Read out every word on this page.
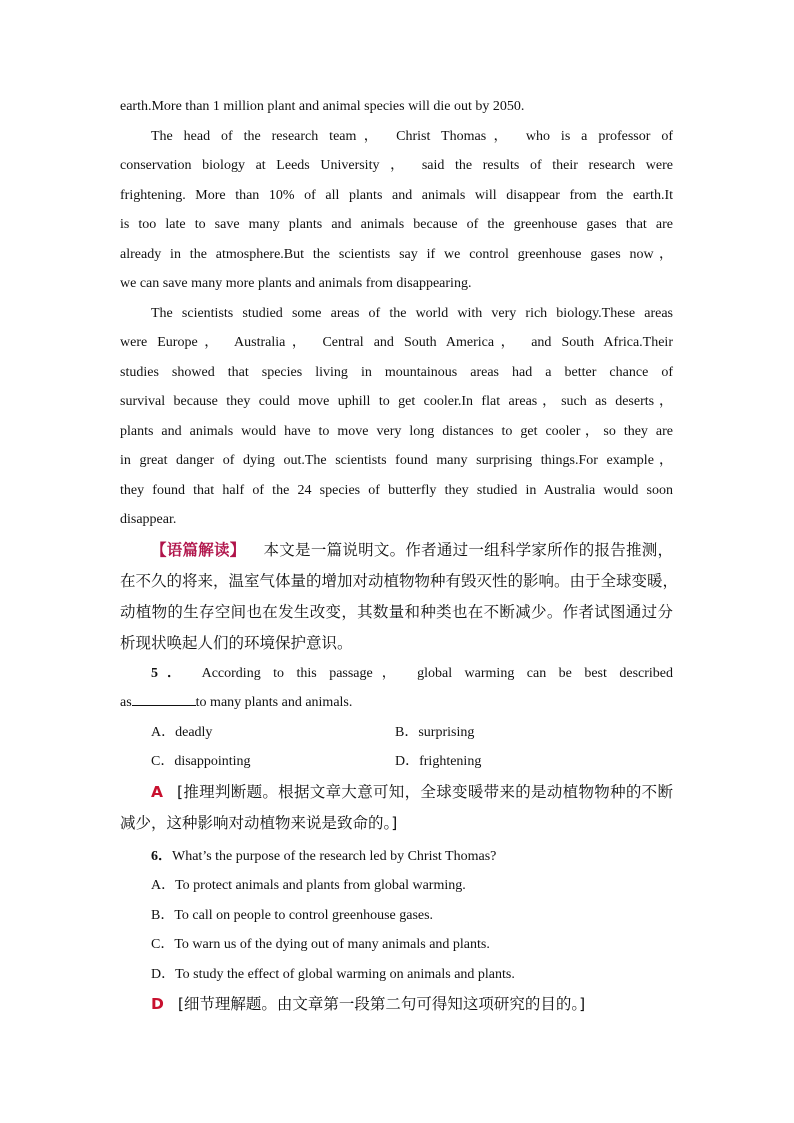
earth.More than 1 million plant and animal species will die out by 2050.
The head of the research team， Christ Thomas， who is a professor of
conservation biology at Leeds University ， said the results of their research were
frightening. More than 10% of all plants and animals will disappear from the earth.It
is too late to save many plants and animals because of the greenhouse gases that are
already in the atmosphere.But the scientists say if we control greenhouse gases now，
we can save many more plants and animals from disappearing.
The scientists studied some areas of the world with very rich biology.These areas
were Europe， Australia， Central and South America， and South Africa.Their
studies showed that species living in mountainous areas had a better chance of
survival because they could move uphill to get cooler.In flat areas，such as deserts，
plants and animals would have to move very long distances to get cooler，so they are
in great danger of dying out.The scientists found many surprising things.For example，
they found that half of the 24 species of butterfly they studied in Australia would soon
disappear.
【语篇解读】 本文是一篇说明文。作者通过一组科学家所作的报告推测，
在不久的将来，温室气体量的增加对动植物物种有毁灭性的影响。由于全球变暖，
动植物的生存空间也在发生改变，其数量和种类也在不断减少。作者试图通过分
析现状唤起人们的环境保护意识。
5． According to this passage， global warming can be best described
as	to many plants and animals.
A．deadly	B．surprising
C．disappointing	D．frightening
A [推理判断题。根据文章大意可知，全球变暖带来的是动植物物种的不断
减少，这种影响对动植物来说是致命的。]
6．What’s the purpose of the research led by Christ Thomas?
A．To protect animals and plants from global warming.
B．To call on people to control greenhouse gases.
C．To warn us of the dying out of many animals and plants.
D．To study the effect of global warming on animals and plants.
D [细节理解题。由文章第一段第二句可得知这项研究的目的。]
